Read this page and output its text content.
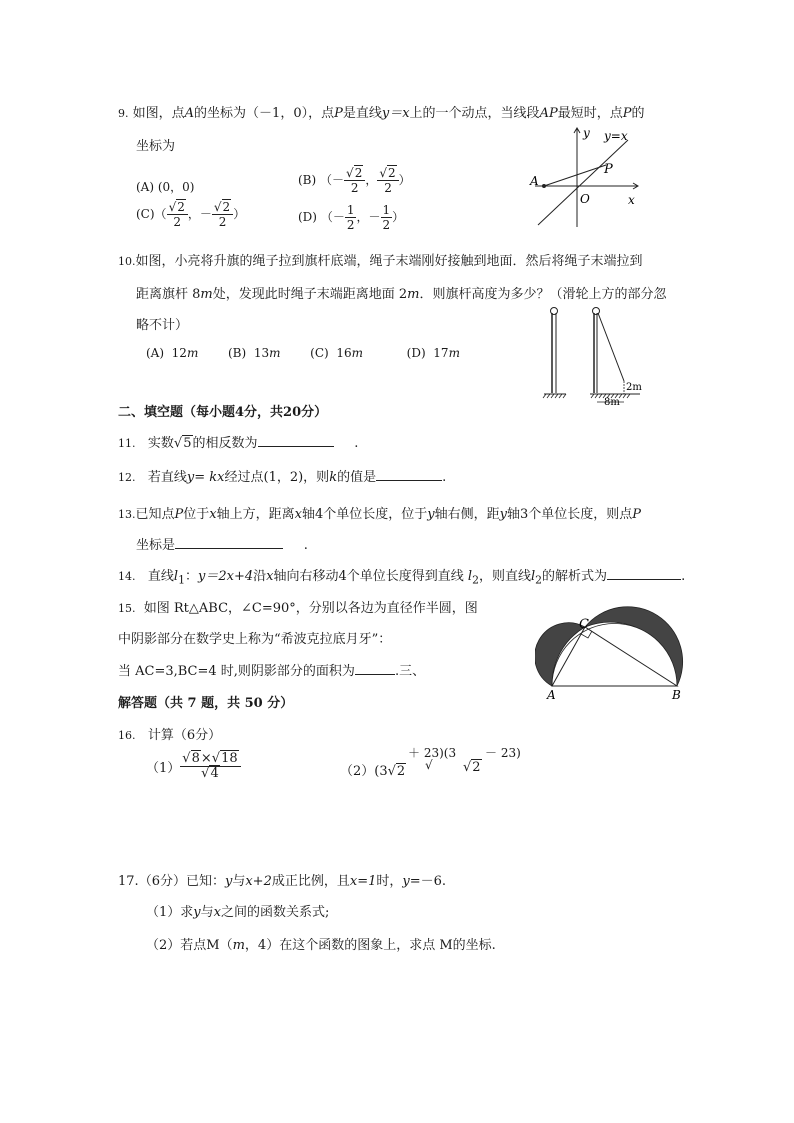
9. 如图，点A的坐标为（－1，0），点P是直线y＝x上的一个动点，当线段AP最短时，点P的
坐标为
(A) (0，0)	(B) （－ $\frac{√2}{2}$ ， $\frac{√2}{2}$ ）
$(C)( \frac{√2}{2}$ ，－ $\frac{√2}{2}$ ）	(D) （－ $\frac{1}{2}$ ，－ $\frac{1}{2}$ ）
y y=x
P
A
O	x
10.如图，小亮将升旗的绳子拉到旗杆底端，绳子末端刚好接触到地面．然后将绳子末端拉到
距离旗杆 8m处，发现此时绳子末端距离地面 2m．则旗杆高度为多少？（滑轮上方的部分忽
略不计）
(A) 12m (B) 13m (C) 16m	(D) 17m
2m
8m
二、填空题（每小题4分，共20分）
11. 实数√5的相反数为	.
12. 若直线y= kx经过点(1，2)，则k的值是	.
13.已知点P位于x轴上方，距离x轴4个单位长度，位于y轴右侧，距y轴3个单位长度，则点P
坐标是	.
14. 直线$l_1$：y＝2x+4沿x轴向右移动4个单位长度得到直线 $l_2$，则直线$l_2$的解析式为	.
15. 如图 Rt△ABC，∠C=90°，分别以各边为直径作半圆，图
中阴影部分在数学史上称为“希波克拉底月牙”：
当 AC=3,BC=4 时,则阴影部分的面积为	.三、
C
A	B
解答题（共 7 题，共 50 分）
16. 计算（6分）
$(1) \frac{√8\times√18}{√4}$	（2）(3√2
＋ 23)(3
√ √2
－ 23)
17.（6分）已知：y与x+2成正比例，且x=1时，y=－6.
（1）求y与x之间的函数关系式;
（2）若点M（m，4）在这个函数的图象上，求点 M的坐标.
